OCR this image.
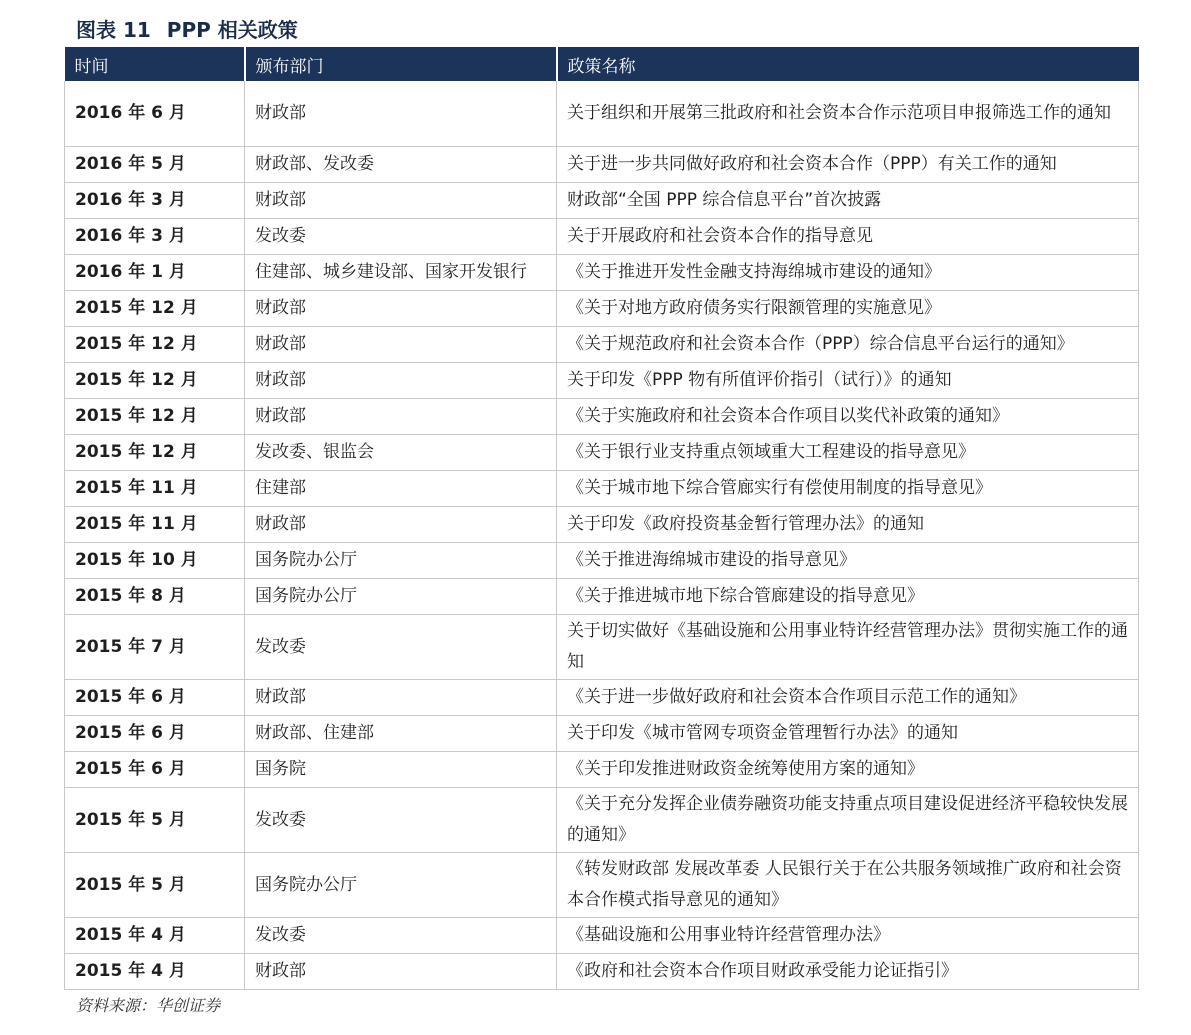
图表 11 PPP 相关政策
时间	颁布部门	政策名称
2016 年 6 月	财政部	关于组织和开展第三批政府和社会资本合作示范项目申报筛选工作的通知
2016 年 5 月	财政部、发改委	关于进一步共同做好政府和社会资本合作（PPP）有关工作的通知
2016 年 3 月	财政部	财政部“全国 PPP 综合信息平台”首次披露
2016 年 3 月	发改委	关于开展政府和社会资本合作的指导意见
2016 年 1 月	住建部、城乡建设部、国家开发银行	《关于推进开发性金融支持海绵城市建设的通知》
2015 年 12 月	财政部	《关于对地方政府债务实行限额管理的实施意见》
2015 年 12 月	财政部	《关于规范政府和社会资本合作（PPP）综合信息平台运行的通知》
2015 年 12 月	财政部	关于印发《PPP 物有所值评价指引（试行）》的通知
2015 年 12 月	财政部	《关于实施政府和社会资本合作项目以奖代补政策的通知》
2015 年 12 月	发改委、银监会	《关于银行业支持重点领域重大工程建设的指导意见》
2015 年 11 月	住建部	《关于城市地下综合管廊实行有偿使用制度的指导意见》
2015 年 11 月	财政部	关于印发《政府投资基金暂行管理办法》的通知
2015 年 10 月	国务院办公厅	《关于推进海绵城市建设的指导意见》
2015 年 8 月	国务院办公厅	《关于推进城市地下综合管廊建设的指导意见》
2015 年 7 月	发改委	关于切实做好《基础设施和公用事业特许经营管理办法》贯彻实施工作的通知
2015 年 6 月	财政部	《关于进一步做好政府和社会资本合作项目示范工作的通知》
2015 年 6 月	财政部、住建部	关于印发《城市管网专项资金管理暂行办法》的通知
2015 年 6 月	国务院	《关于印发推进财政资金统筹使用方案的通知》
2015 年 5 月	发改委	《关于充分发挥企业债券融资功能支持重点项目建设促进经济平稳较快发展的通知》
2015 年 5 月	国务院办公厅	《转发财政部 发展改革委 人民银行关于在公共服务领域推广政府和社会资本合作模式指导意见的通知》
2015 年 4 月	发改委	《基础设施和公用事业特许经营管理办法》
2015 年 4 月	财政部	《政府和社会资本合作项目财政承受能力论证指引》
资料来源：华创证券
